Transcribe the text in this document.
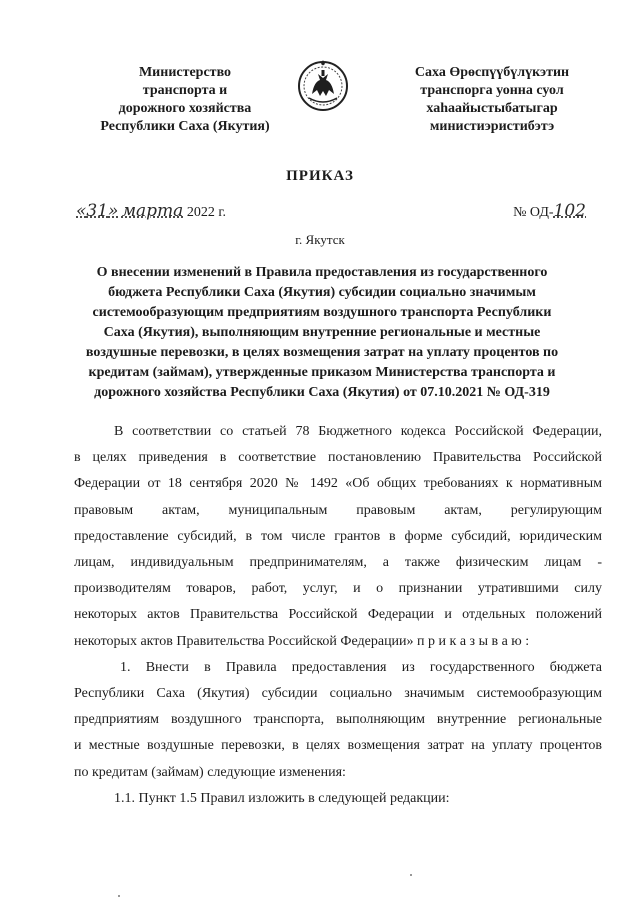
Министерство
транспорта и
дорожного хозяйства
Республики Саха (Якутия)
Саха Өрөспүүбүлүкэтин
транспорга уонна суол
хаһаайыстыбатыгар
министиэристибэтэ
ПРИКАЗ
«31» марта 2022 г.	№ ОД-102
г. Якутск
О внесении изменений в Правила предоставления из государственного
бюджета Республики Саха (Якутия) субсидии социально значимым
системообразующим предприятиям воздушного транспорта Республики
Саха (Якутия), выполняющим внутренние региональные и местные
воздушные перевозки, в целях возмещения затрат на уплату процентов по
кредитам (займам), утвержденные приказом Министерства транспорта и
дорожного хозяйства Республики Саха (Якутия) от 07.10.2021 № ОД-319
В соответствии со статьей 78 Бюджетного кодекса Российской Федерации,
в целях приведения в соответствие постановлению Правительства Российской
Федерации от 18 сентября 2020 № 1492 «Об общих требованиях к нормативным
правовым актам, муниципальным правовым актам, регулирующим
предоставление субсидий, в том числе грантов в форме субсидий, юридическим
лицам, индивидуальным предпринимателям, а также физическим лицам -
производителям товаров, работ, услуг, и о признании утратившими силу
некоторых актов Правительства Российской Федерации и отдельных положений
некоторых актов Правительства Российской Федерации» п р и к а з ы в а ю :
1. Внести в Правила предоставления из государственного бюджета
Республики Саха (Якутия) субсидии социально значимым системообразующим
предприятиям воздушного транспорта, выполняющим внутренние региональные
и местные воздушные перевозки, в целях возмещения затрат на уплату процентов
по кредитам (займам) следующие изменения:
1.1. Пункт 1.5 Правил изложить в следующей редакции:
